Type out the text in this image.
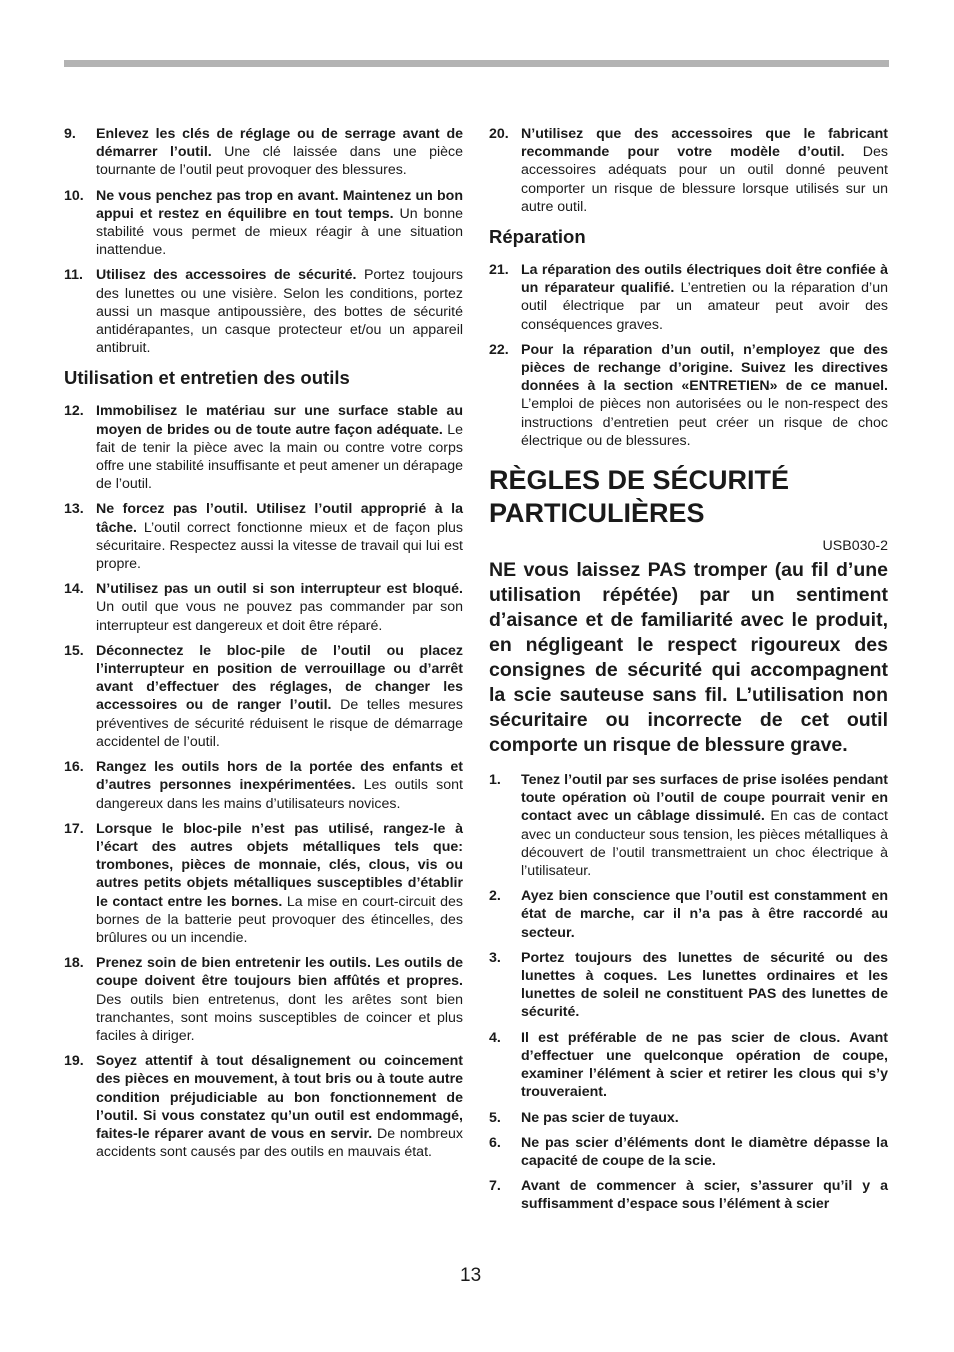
9. Enlevez les clés de réglage ou de serrage avant de démarrer l’outil. Une clé laissée dans une pièce tournante de l’outil peut provoquer des blessures.
10. Ne vous penchez pas trop en avant. Maintenez un bon appui et restez en équilibre en tout temps. Un bonne stabilité vous permet de mieux réagir à une situation inattendue.
11. Utilisez des accessoires de sécurité. Portez toujours des lunettes ou une visière. Selon les conditions, portez aussi un masque antipoussière, des bottes de sécurité antidérapantes, un casque protecteur et/ou un appareil antibruit.
Utilisation et entretien des outils
12. Immobilisez le matériau sur une surface stable au moyen de brides ou de toute autre façon adéquate. Le fait de tenir la pièce avec la main ou contre votre corps offre une stabilité insuffisante et peut amener un dérapage de l’outil.
13. Ne forcez pas l’outil. Utilisez l’outil approprié à la tâche. L’outil correct fonctionne mieux et de façon plus sécuritaire. Respectez aussi la vitesse de travail qui lui est propre.
14. N’utilisez pas un outil si son interrupteur est bloqué. Un outil que vous ne pouvez pas commander par son interrupteur est dangereux et doit être réparé.
15. Déconnectez le bloc-pile de l’outil ou placez l’interrupteur en position de verrouillage ou d’arrêt avant d’effectuer des réglages, de changer les accessoires ou de ranger l’outil. De telles mesures préventives de sécurité réduisent le risque de démarrage accidentel de l’outil.
16. Rangez les outils hors de la portée des enfants et d’autres personnes inexpérimentées. Les outils sont dangereux dans les mains d’utilisateurs novices.
17. Lorsque le bloc-pile n’est pas utilisé, rangez-le à l’écart des autres objets métalliques tels que: trombones, pièces de monnaie, clés, clous, vis ou autres petits objets métalliques susceptibles d’établir le contact entre les bornes. La mise en court-circuit des bornes de la batterie peut provoquer des étincelles, des brûlures ou un incendie.
18. Prenez soin de bien entretenir les outils. Les outils de coupe doivent être toujours bien affûtés et propres. Des outils bien entretenus, dont les arêtes sont bien tranchantes, sont moins susceptibles de coincer et plus faciles à diriger.
19. Soyez attentif à tout désalignement ou coincement des pièces en mouvement, à tout bris ou à toute autre condition préjudiciable au bon fonctionnement de l’outil. Si vous constatez qu’un outil est endommagé, faites-le réparer avant de vous en servir. De nombreux accidents sont causés par des outils en mauvais état.
20. N’utilisez que des accessoires que le fabricant recommande pour votre modèle d’outil. Des accessoires adéquats pour un outil donné peuvent comporter un risque de blessure lorsque utilisés sur un autre outil.
Réparation
21. La réparation des outils électriques doit être confiée à un réparateur qualifié. L’entretien ou la réparation d’un outil électrique par un amateur peut avoir des conséquences graves.
22. Pour la réparation d’un outil, n’employez que des pièces de rechange d’origine. Suivez les directives données à la section «ENTRETIEN» de ce manuel. L’emploi de pièces non autorisées ou le non-respect des instructions d’entretien peut créer un risque de choc électrique ou de blessures.
RÈGLES DE SÉCURITÉ
PARTICULIÈRES
USB030-2
NE vous laissez PAS tromper (au fil d’une utilisation répétée) par un sentiment d’aisance et de familiarité avec le produit, en négligeant le respect rigoureux des consignes de sécurité qui accompagnent la scie sauteuse sans fil. L’utilisation non sécuritaire ou incorrecte de cet outil comporte un risque de blessure grave.
1. Tenez l’outil par ses surfaces de prise isolées pendant toute opération où l’outil de coupe pourrait venir en contact avec un câblage dissimulé. En cas de contact avec un conducteur sous tension, les pièces métalliques à découvert de l’outil transmettraient un choc électrique à l’utilisateur.
2. Ayez bien conscience que l’outil est constamment en état de marche, car il n’a pas à être raccordé au secteur.
3. Portez toujours des lunettes de sécurité ou des lunettes à coques. Les lunettes ordinaires et les lunettes de soleil ne constituent PAS des lunettes de sécurité.
4. Il est préférable de ne pas scier de clous. Avant d’effectuer une quelconque opération de coupe, examiner l’élément à scier et retirer les clous qui s’y trouveraient.
5. Ne pas scier de tuyaux.
6. Ne pas scier d’éléments dont le diamètre dépasse la capacité de coupe de la scie.
7. Avant de commencer à scier, s’assurer qu’il y a suffisamment d’espace sous l’élément à scier
13
